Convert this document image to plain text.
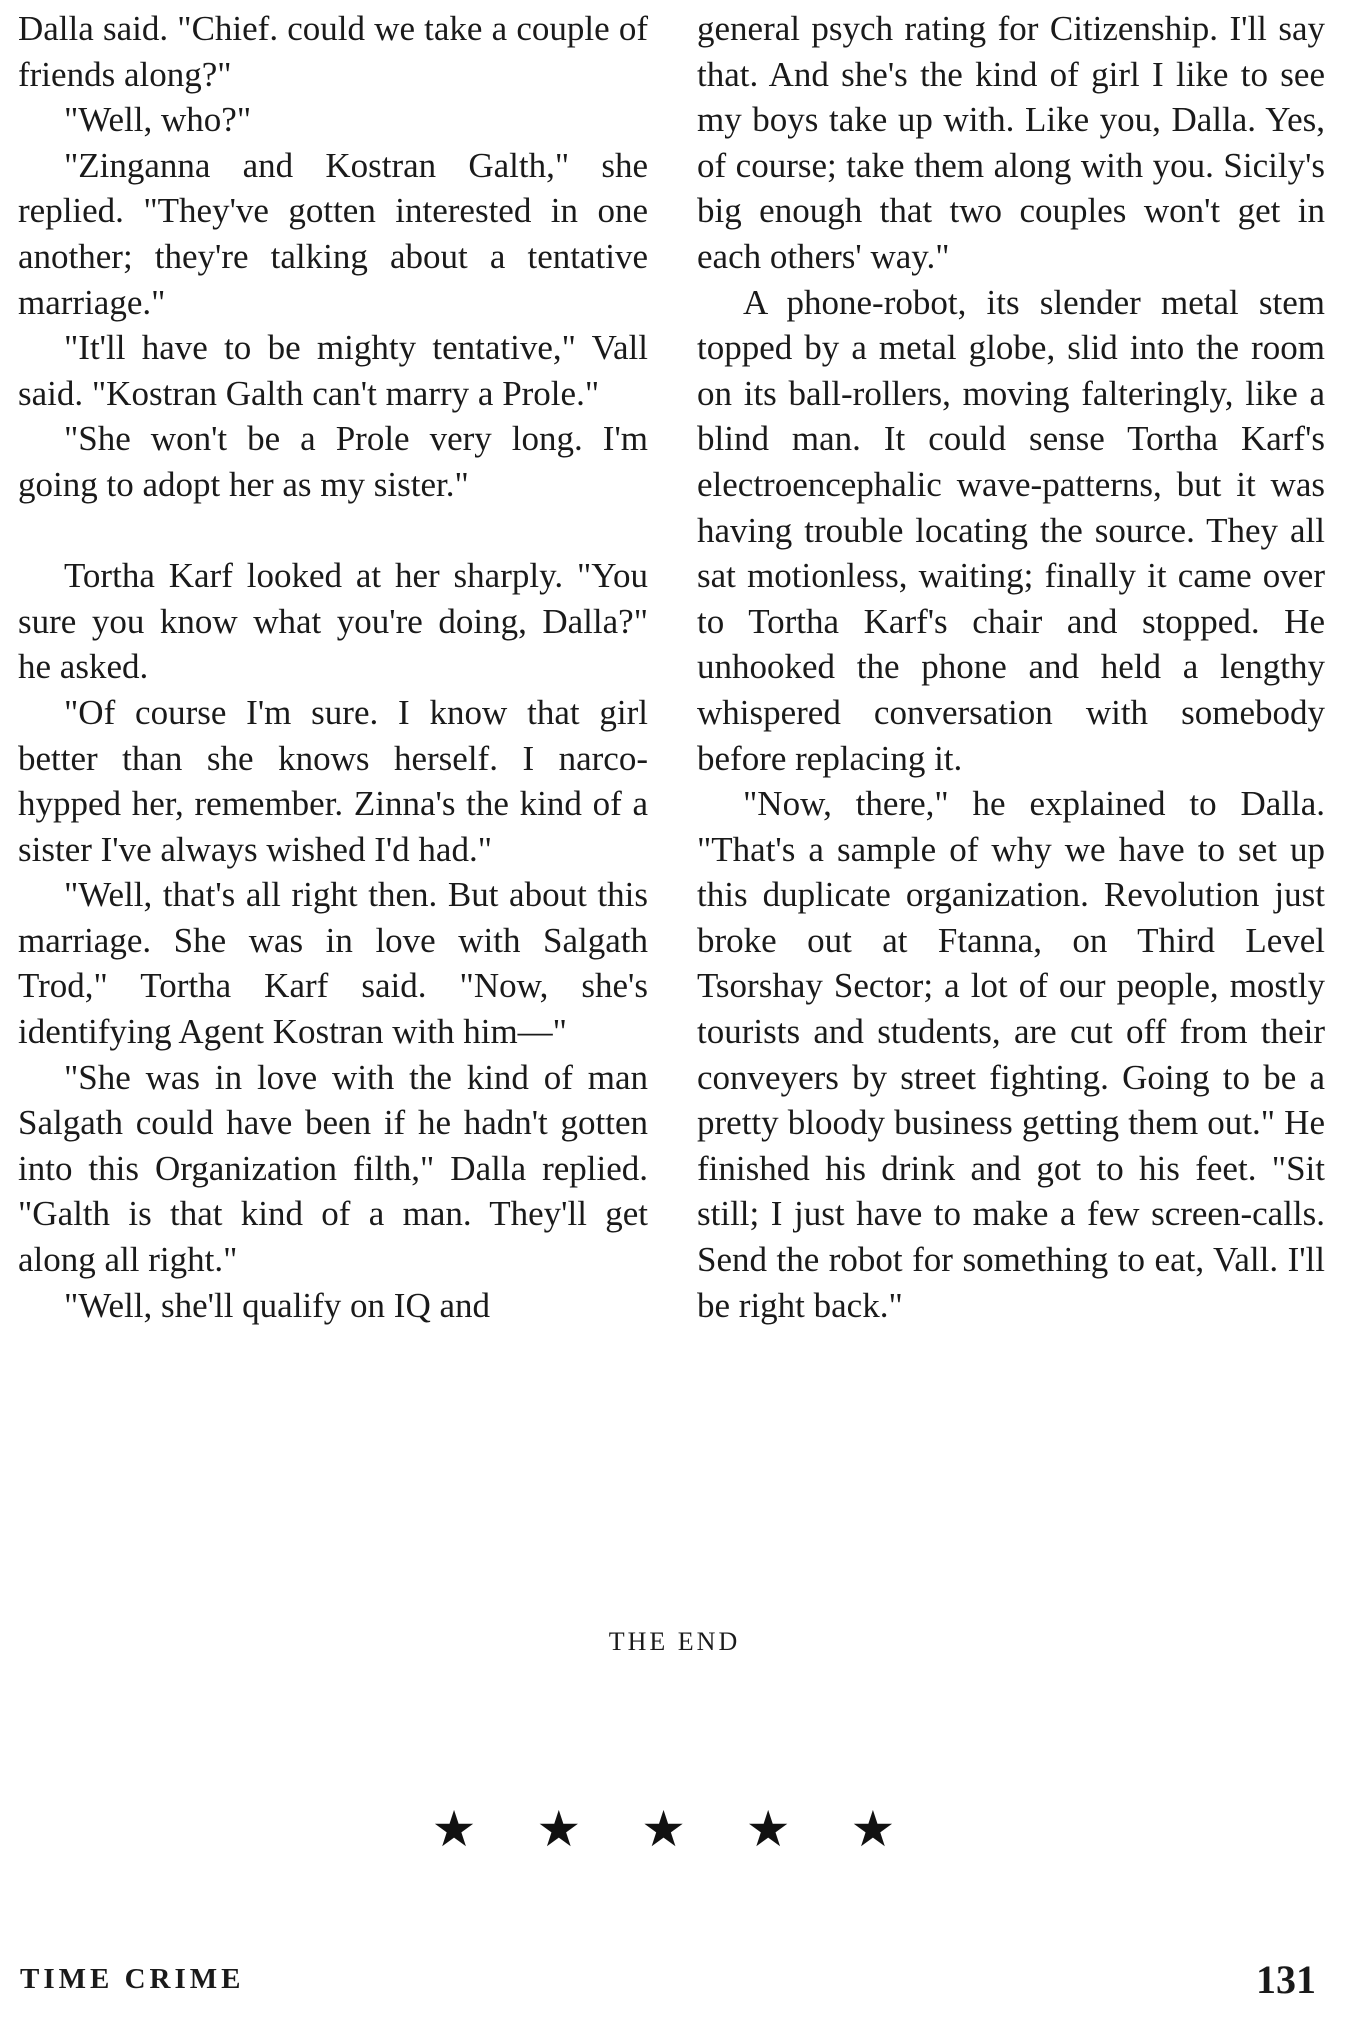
Dalla said. "Chief. could we take a couple of friends along?"

"Well, who?"

"Zinganna and Kostran Galth," she replied. "They've gotten interested in one another; they're talking about a tentative marriage."

"It'll have to be mighty tentative," Vall said. "Kostran Galth can't marry a Prole."

"She won't be a Prole very long. I'm going to adopt her as my sister."

Tortha Karf looked at her sharply. "You sure you know what you're doing, Dalla?" he asked.

"Of course I'm sure. I know that girl better than she knows herself. I narco-hypped her, remember. Zinna's the kind of a sister I've always wished I'd had."

"Well, that's all right then. But about this marriage. She was in love with Salgath Trod," Tortha Karf said. "Now, she's identifying Agent Kostran with him—"

"She was in love with the kind of man Salgath could have been if he hadn't gotten into this Organization filth," Dalla replied. "Galth is that kind of a man. They'll get along all right."

"Well, she'll qualify on IQ and

general psych rating for Citizenship. I'll say that. And she's the kind of girl I like to see my boys take up with. Like you, Dalla. Yes, of course; take them along with you. Sicily's big enough that two couples won't get in each others' way."

A phone-robot, its slender metal stem topped by a metal globe, slid into the room on its ball-rollers, moving falteringly, like a blind man. It could sense Tortha Karf's electroencephalic wave-patterns, but it was having trouble locating the source. They all sat motionless, waiting; finally it came over to Tortha Karf's chair and stopped. He unhooked the phone and held a lengthy whispered conversation with somebody before replacing it.

"Now, there," he explained to Dalla. "That's a sample of why we have to set up this duplicate organization. Revolution just broke out at Ftanna, on Third Level Tsorshay Sector; a lot of our people, mostly tourists and students, are cut off from their conveyers by street fighting. Going to be a pretty bloody business getting them out." He finished his drink and got to his feet. "Sit still; I just have to make a few screen-calls. Send the robot for something to eat, Vall. I'll be right back."

THE END
★ ★ ★ ★ ★
TIME CRIME	131
